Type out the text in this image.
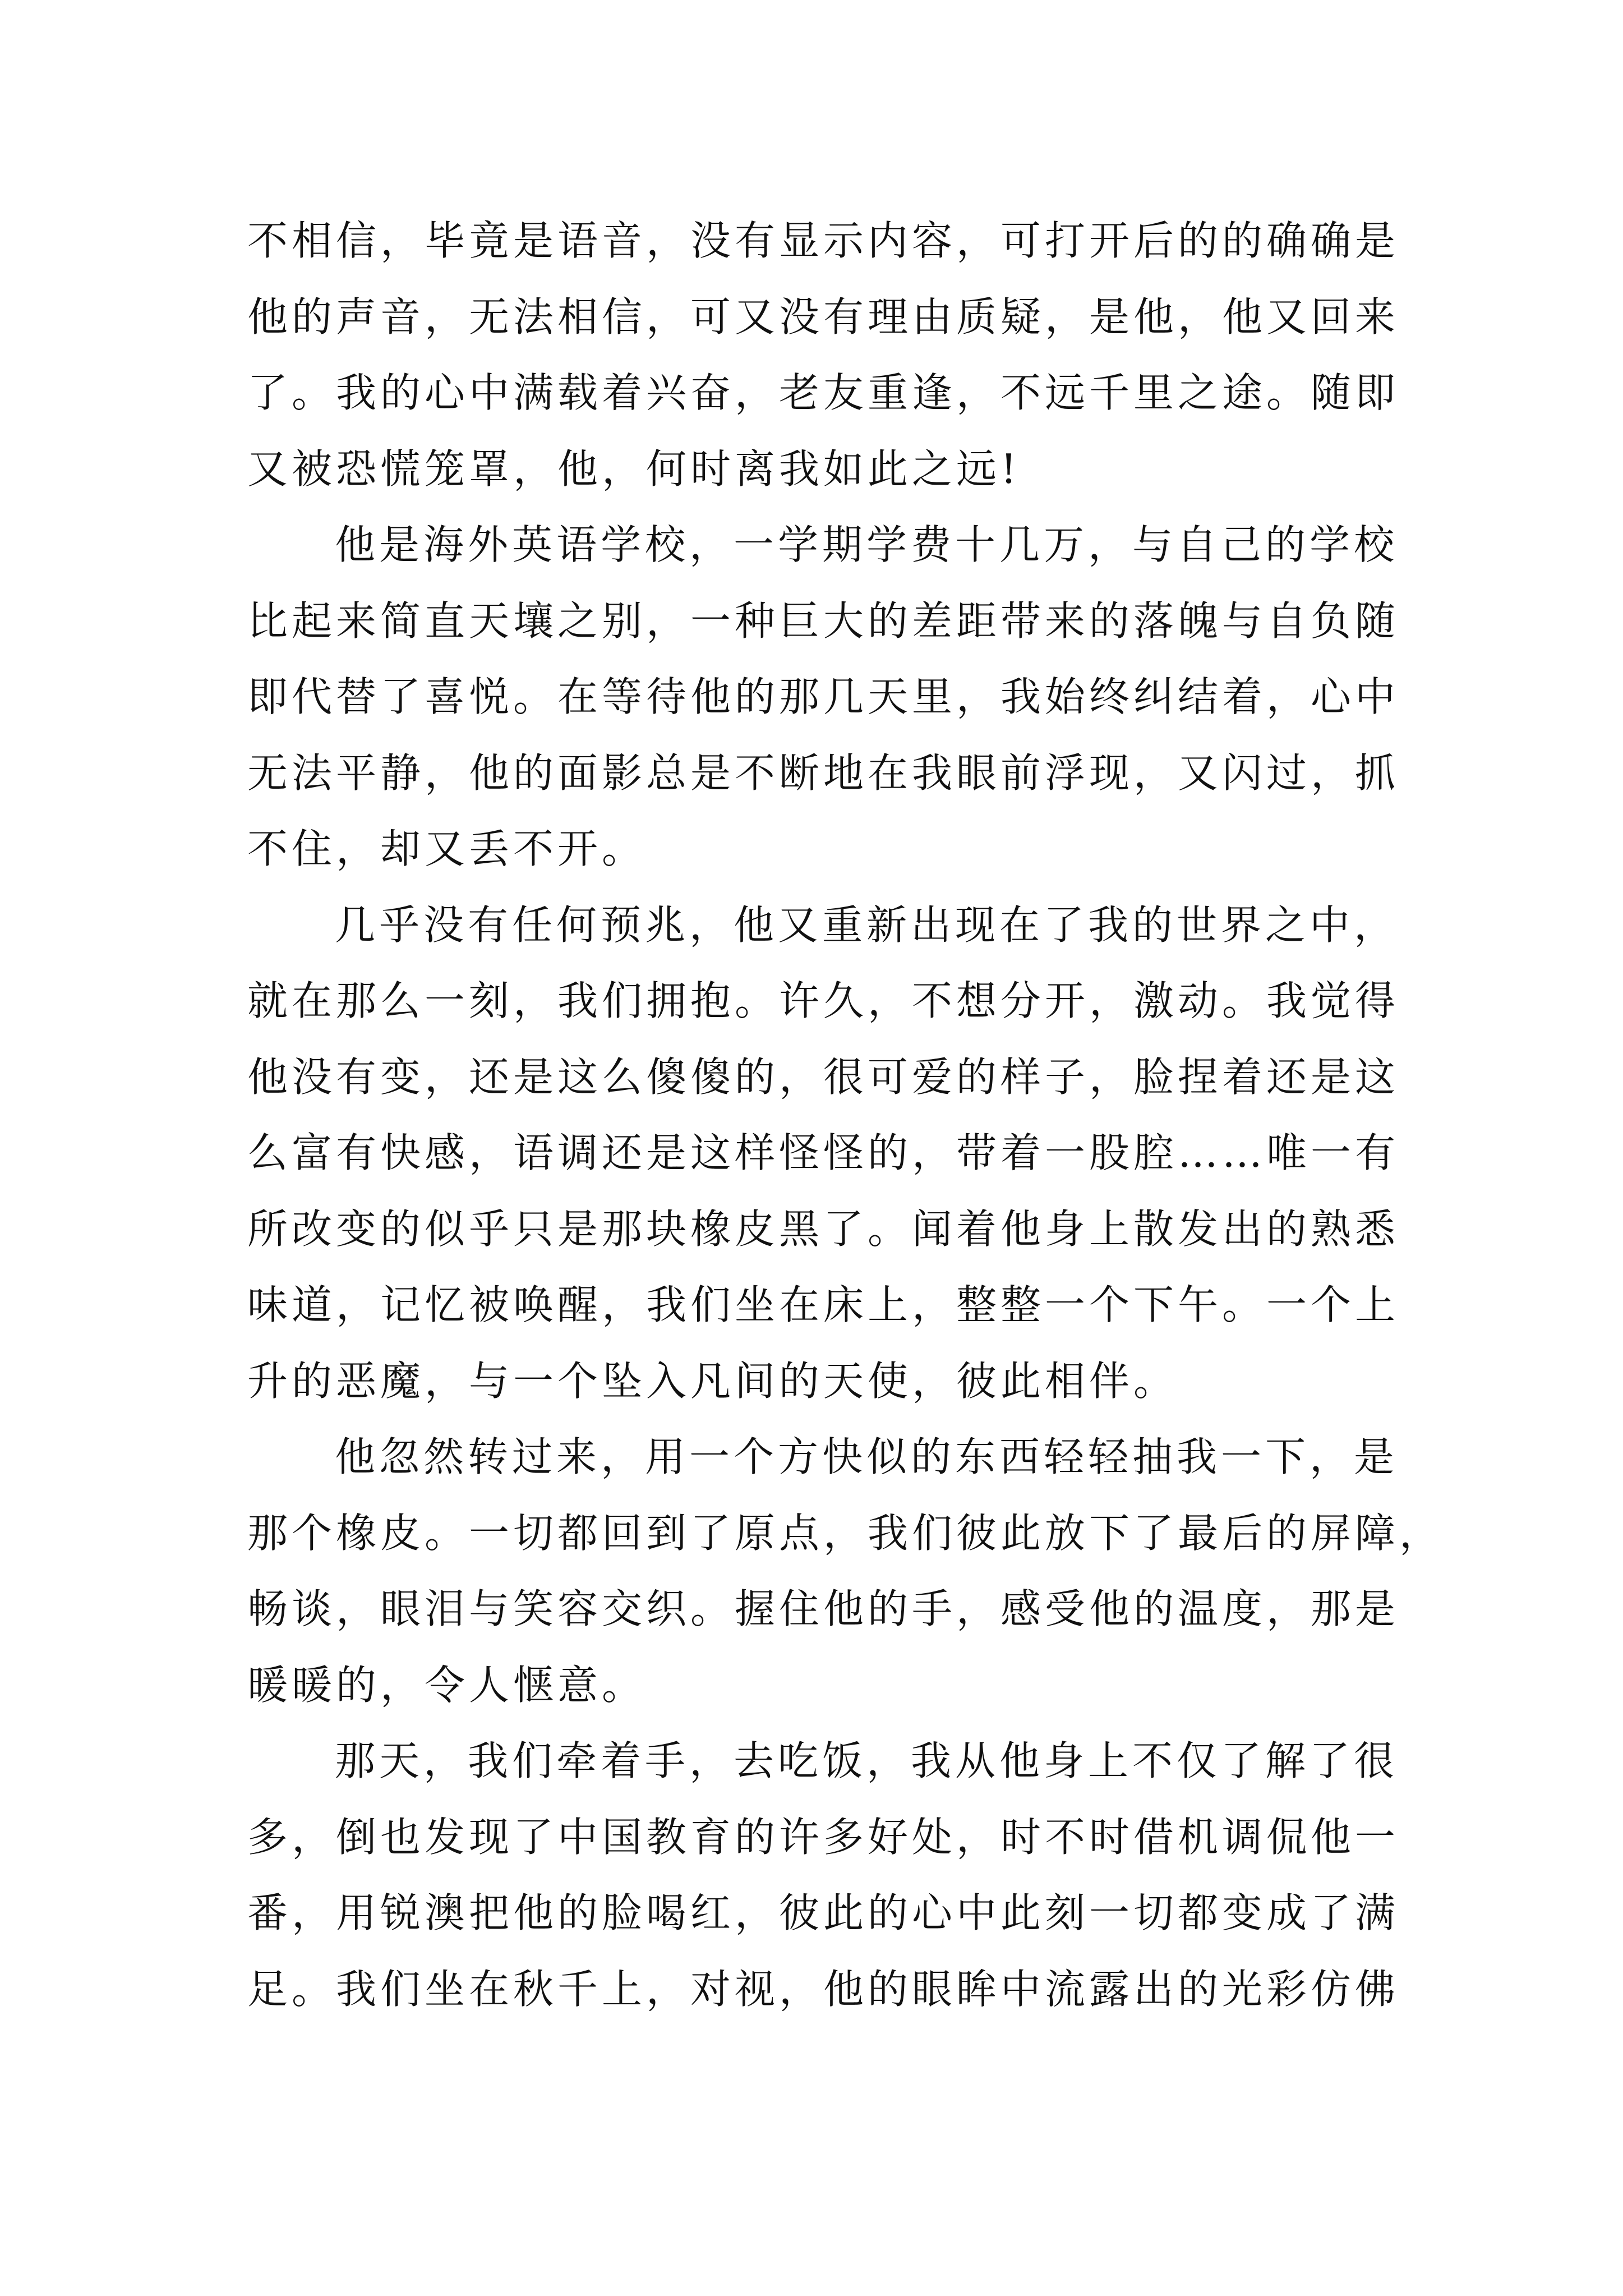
不相信，毕竟是语音，没有显示内容，可打开后的的确确是
他的声音，无法相信，可又没有理由质疑，是他，他又回来
了。我的心中满载着兴奋，老友重逢，不远千里之途。随即
又被恐慌笼罩，他，何时离我如此之远!
他是海外英语学校，一学期学费十几万，与自己的学校
比起来简直天壤之别，一种巨大的差距带来的落魄与自负随
即代替了喜悦。在等待他的那几天里，我始终纠结着，心中
无法平静，他的面影总是不断地在我眼前浮现，又闪过，抓
不住，却又丢不开。
几乎没有任何预兆，他又重新出现在了我的世界之中，
就在那么一刻，我们拥抱。许久，不想分开，激动。我觉得
他没有变，还是这么傻傻的，很可爱的样子，脸捏着还是这
么富有快感，语调还是这样怪怪的，带着一股腔……唯一有
所改变的似乎只是那块橡皮黑了。闻着他身上散发出的熟悉
味道，记忆被唤醒，我们坐在床上，整整一个下午。一个上
升的恶魔，与一个坠入凡间的天使，彼此相伴。
他忽然转过来，用一个方快似的东西轻轻抽我一下，是
那个橡皮。一切都回到了原点，我们彼此放下了最后的屏障，
畅谈，眼泪与笑容交织。握住他的手，感受他的温度，那是
暖暖的，令人惬意。
那天，我们牵着手，去吃饭，我从他身上不仅了解了很
多，倒也发现了中国教育的许多好处，时不时借机调侃他一
番，用锐澳把他的脸喝红，彼此的心中此刻一切都变成了满
足。我们坐在秋千上，对视，他的眼眸中流露出的光彩仿佛
